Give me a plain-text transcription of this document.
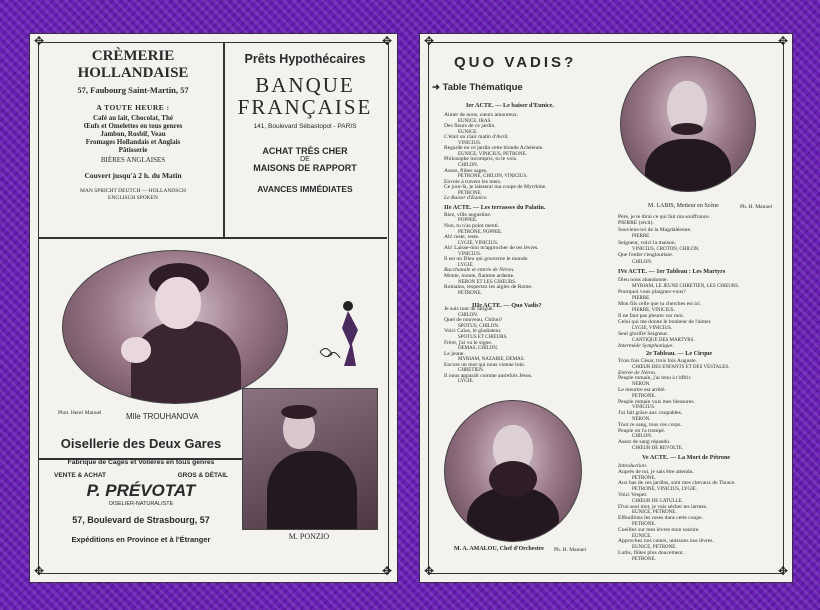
✥	✥
✥	✥
CRÈMERIE
HOLLANDAISE
57, Faubourg Saint-Martin, 57
A TOUTE HEURE :
Café au lait, Chocolat, Thé
Œufs et Omelettes en tous genres
Jambon, Rosbif, Veau
Fromages Hollandais et Anglais
Pâtisserie
BIÈRES ANGLAISES
Couvert jusqu'à 2 h. du Matin
MAN SPRICHT DEUTCH — HOLLANDSCH
ENGLISCH SPOKEN
Prêts Hypothécaires
BANQUE
FRANÇAISE
141, Boulevard Sébastopol - PARIS
ACHAT TRÈS CHER
DE
MAISONS DE RAPPORT
AVANCES IMMÉDIATES
Phot. Henri Manuel	Mlle TROUHANOVA
M. PONZIO
Oisellerie des Deux Gares
Fabrique de Cages et Volières en tous genres
VENTE & ACHAT	GROS & DÉTAIL
P. PRÉVOTAT
OISELIER-NATURALISTE
57, Boulevard de Strasbourg, 57
Expéditions en Province et à l'Étranger
✥	✥
✥	✥
QUO VADIS?
➜ Table Thématique
M. LABIS, Metteur en Scène	Ph. H. Manuel
M. A. AMALOU, Chef d'Orchestre Ph. H. Manuel
Ier ACTE. — Le baiser d'Eunice.
IIe ACTE. — Les terrasses du Palatin.
IIIe ACTE. — Quo Vadis?
Aimer de nous, cœurs amoureux.
EUNICE, IRAS.
Des fleurs de ce jardin.
EUNICE.
C'était un clair matin d'Avril.
VINICIUS.
Regarde en ce jardin cette blonde Achéenne.
EUNICE, VINICIUS, PÉTRONE.
Philosophe incompris, tu le vois.
CHILON.
Assez, flûtes sages.
PÉTRONE, CHILON, VINICIUS.
Envoie à travers les mers.
Ce jour-là, je laisserai ma coupe de Myrrhine.
PÉTRONE.
Le Baiser d'Eunice.
Riez, ville augustine.
POPPÉE.
Non, tu n'as point menti.
PÉTRONE, POPPÉE.
Ah! reste, reste.
LYGIE, VINICIUS.
Ah! Laisse-moi m'approcher de tes lèvres.
VINICIUS.
Il est un Dieu qui gouverne le monde.
LYGIE.
Bacchanale et entrée de Néron.
Monte, monte, flamme ardente.
NÉRON ET LES CHŒURS.
Romains, respectez les aigles de Rome.
PÉTRONE.
Je suis tout de fatigue.
CHILON.
Quel de nouveau, Chilon?
SPOTUS, CHILON.
Voici Caïus, le gladiateur.
SPOTUS ET CHŒURS.
Frère, j'ai vu le signe.
DEMAS, CHILON.
Le jeune.
MYRIAM, NAZAIRE, DEMAS.
Encore un mot qui nous vienne loin.
CHRÉTIEN.
Il nous apparaît comme autrefois Jésus.
LYGIE.
Père, je te dirai ce qui fait ma souffrance.
PIERRE (récit).
Souviens-toi de la Magdaléenne.
PIERRE.
Seigneur, voici la maison.
VINICIUS, CROTON, CHILON.
Que l'enfer t'engloutisse.
CHILON.
IVe ACTE. — 1er Tableau : Les Martyrs
Dieu nous abandonne.
MYRIAM, LE JEUNE CHRÉTIEN, LES CHŒURS.
Pourquoi vous plaignez-vous?
PIERRE.
Mon fils celle que tu cherches est ici.
PIERRE, VINICIUS.
Il ne faut pas pleurer sur moi.
Celui qui me donne le bonheur de l'aimer.
LYGIE, VINICIUS.
Seul glorifié Seigneur.
CANTIQUE DES MARTYRS.
Interméde Symphonique.
2e Tableau. — Le Cirque
Trois fois César, trois fois Auguste.
CHŒUR DES ENFANTS ET DES VESTALES.
Entrée de Néron.
Peuple romain, j'ai tenu à t'offrir.
NÉRON.
Le meurtre est arrêté.
PÉTRONE.
Peuple romain vois mes blessures.
VINICIUS.
J'ai fait grâce aux coupables.
NÉRON.
Tout ce sang, tous ces corps.
Peuple on t'a trompé.
CHILON.
Assez de sang répandu.
CHŒUR DE RÉVOLTE.
Ve ACTE. — La Mort de Pétrone
Introduction.
Auprès de toi, je sais être attendu.
PÉTRONE.
Aux bas de ces jardins, sont mes chevaux de Thrace.
PÉTRONE, VINICIUS, LYGIE.
Voici Vesper.
CHŒUR DE CATULLE.
D'un seul mot, je vais sécher tes larmes.
EUNICE, PÉTRONE.
Effeuillons les roses dans cette coupe.
PÉTRONE.
Cueillez sur mes lèvres mon sourire.
EUNICE.
Approchez nos cœurs, unissons nos lèvres.
EUNICE, PÉTRONE.
Luths, flûtes plus doucement.
PÉTRONE.
